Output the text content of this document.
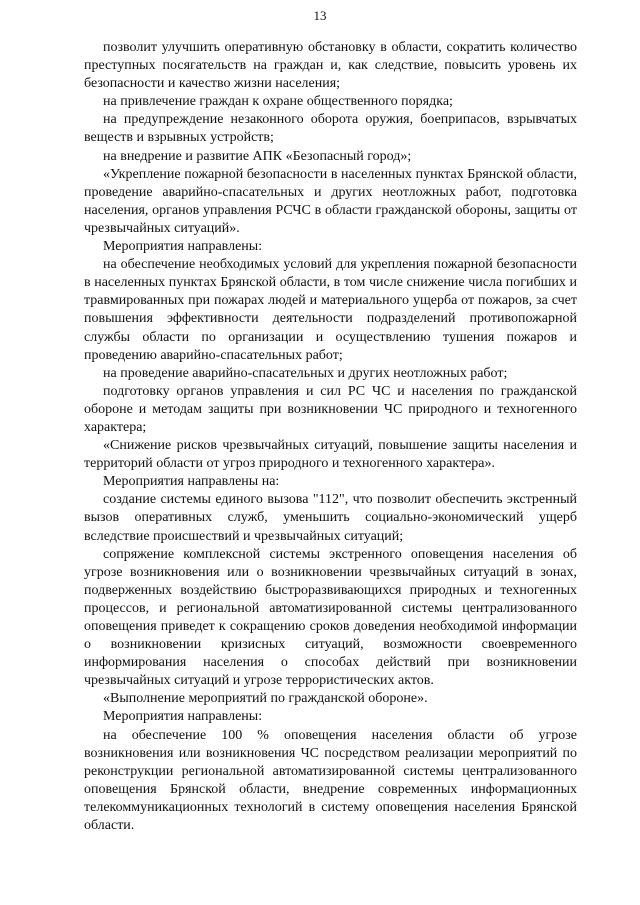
13

позволит улучшить оперативную обстановку в области, сократить количество преступных посягательств на граждан и, как следствие, повысить уровень их безопасности и качество жизни населения;

на привлечение граждан к охране общественного порядка;

на предупреждение незаконного оборота оружия, боеприпасов, взрывчатых веществ и взрывных устройств;

на внедрение и развитие АПК «Безопасный город»;

«Укрепление пожарной безопасности в населенных пунктах Брянской области, проведение аварийно-спасательных и других неотложных работ, подготовка населения, органов управления РСЧС в области гражданской обороны, защиты от чрезвычайных ситуаций».

Мероприятия направлены:

на обеспечение необходимых условий для укрепления пожарной безопасности в населенных пунктах Брянской области, в том числе снижение числа погибших и травмированных при пожарах людей и материального ущерба от пожаров, за счет повышения эффективности деятельности подразделений противопожарной службы области по организации и осуществлению тушения пожаров и проведению аварийно-спасательных работ;

на проведение аварийно-спасательных и других неотложных работ;

подготовку органов управления и сил РС ЧС и населения по гражданской обороне и методам защиты при возникновении ЧС природного и техногенного характера;

«Снижение рисков чрезвычайных ситуаций, повышение защиты населения и территорий области от угроз природного и техногенного характера».

Мероприятия направлены на:

создание системы единого вызова "112", что позволит обеспечить экстренный вызов оперативных служб, уменьшить социально-экономический ущерб вследствие происшествий и чрезвычайных ситуаций;

сопряжение комплексной системы экстренного оповещения населения об угрозе возникновения или о возникновении чрезвычайных ситуаций в зонах, подверженных воздействию быстроразвивающихся природных и техногенных процессов, и региональной автоматизированной системы централизованного оповещения приведет к сокращению сроков доведения необходимой информации о возникновении кризисных ситуаций, возможности своевременного информирования населения о способах действий при возникновении чрезвычайных ситуаций и угрозе террористических актов.

«Выполнение мероприятий по гражданской обороне».

Мероприятия направлены:

на обеспечение 100 % оповещения населения области об угрозе возникновения или возникновения ЧС посредством реализации мероприятий по реконструкции региональной автоматизированной системы централизованного оповещения Брянской области, внедрение современных информационных телекоммуникационных технологий в систему оповещения населения Брянской области.
